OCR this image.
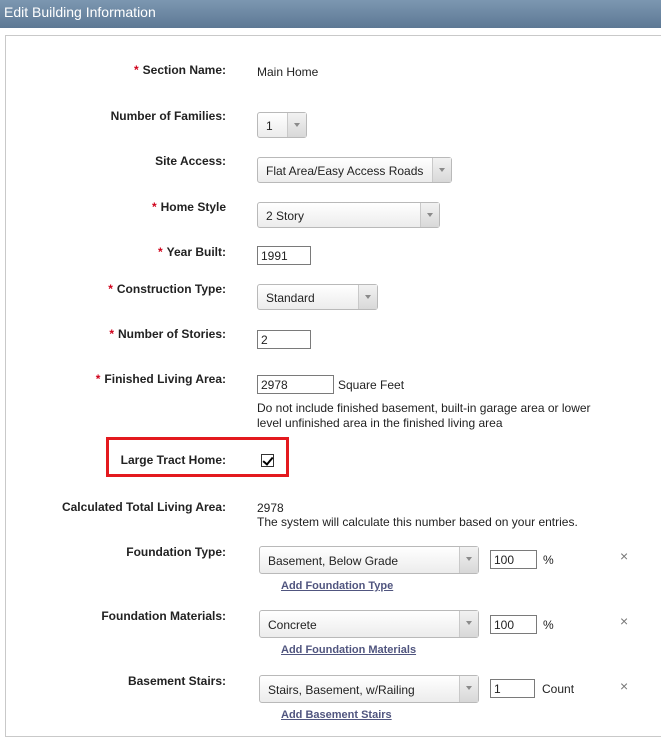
Edit Building Information
* Section Name:	Main Home
Number of Families:
1
Site Access:
Flat Area/Easy Access Roads
* Home Style
2 Story
* Year Built:	1991
* Construction Type:
Standard
* Number of Stories:	2
* Finished Living Area:	2978	Square Feet
Do not include finished basement, built-in garage area or lower
level unfinished area in the finished living area
Large Tract Home:
Calculated Total Living Area:	2978
The system will calculate this number based on your entries.
Foundation Type:
Basement, Below Grade	100	%	×
Add Foundation Type
Foundation Materials:
Concrete	100	%	×
Add Foundation Materials
Basement Stairs:
Stairs, Basement, w/Railing	1	Count	×
Add Basement Stairs
